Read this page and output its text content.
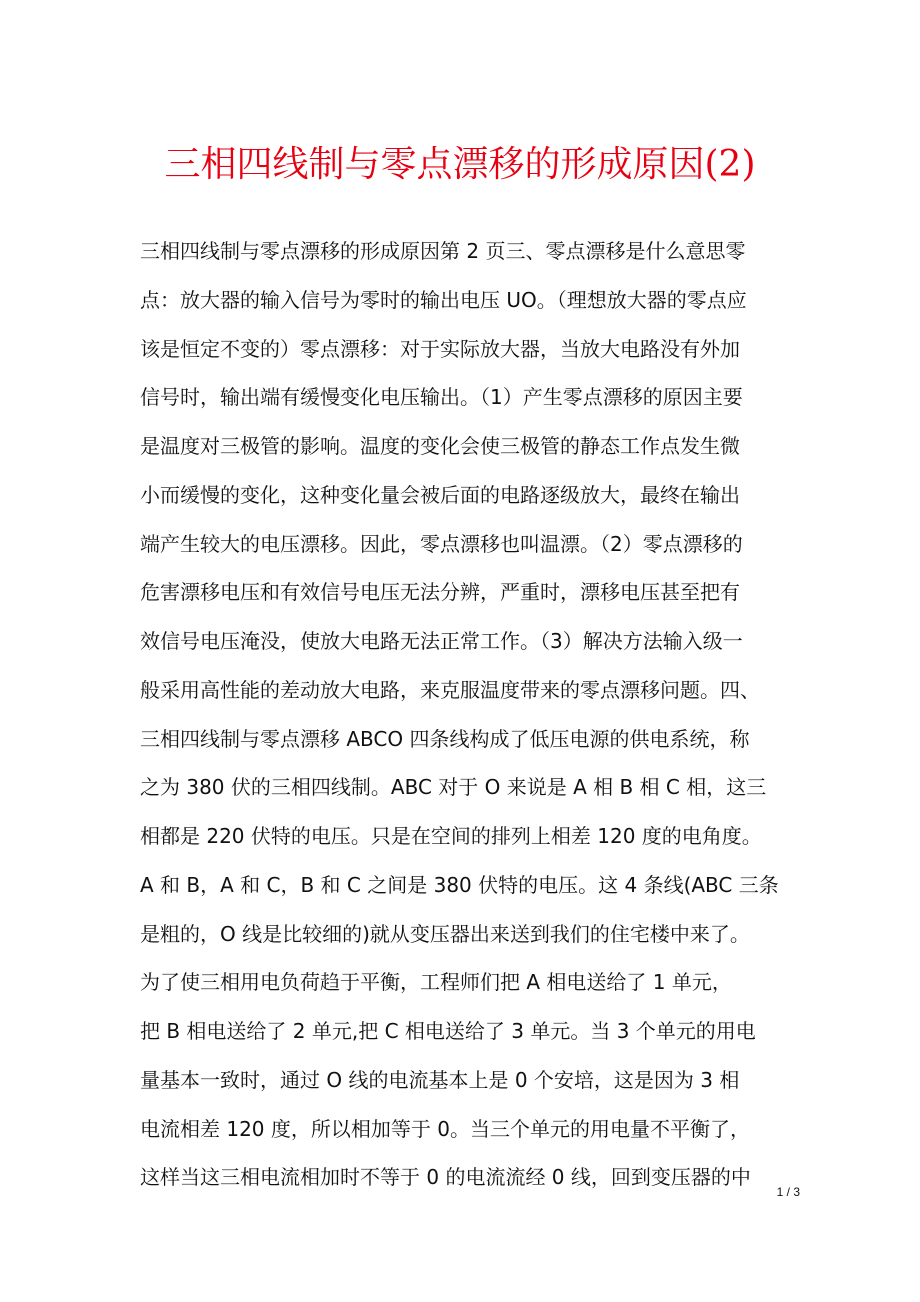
三相四线制与零点漂移的形成原因(2)
三相四线制与零点漂移的形成原因第 2 页三、零点漂移是什么意思零
点：放大器的输入信号为零时的输出电压 UO。（理想放大器的零点应
该是恒定不变的）零点漂移：对于实际放大器，当放大电路没有外加
信号时，输出端有缓慢变化电压输出。（1）产生零点漂移的原因主要
是温度对三极管的影响。温度的变化会使三极管的静态工作点发生微
小而缓慢的变化，这种变化量会被后面的电路逐级放大，最终在输出
端产生较大的电压漂移。因此，零点漂移也叫温漂。（2）零点漂移的
危害漂移电压和有效信号电压无法分辨，严重时，漂移电压甚至把有
效信号电压淹没，使放大电路无法正常工作。（3）解决方法输入级一
般采用高性能的差动放大电路，来克服温度带来的零点漂移问题。四、
三相四线制与零点漂移 ABCO 四条线构成了低压电源的供电系统，称
之为 380 伏的三相四线制。ABC 对于 O 来说是 A 相 B 相 C 相，这三
相都是 220 伏特的电压。只是在空间的排列上相差 120 度的电角度。
A 和 B，A 和 C，B 和 C 之间是 380 伏特的电压。这 4 条线(ABC 三条
是粗的，O 线是比较细的)就从变压器出来送到我们的住宅楼中来了。
为了使三相用电负荷趋于平衡，工程师们把 A 相电送给了 1 单元，
把 B 相电送给了 2 单元,把 C 相电送给了 3 单元。当 3 个单元的用电
量基本一致时，通过 O 线的电流基本上是 0 个安培，这是因为 3 相
电流相差 120 度，所以相加等于 0。当三个单元的用电量不平衡了，
这样当这三相电流相加时不等于 0 的电流流经 0 线，回到变压器的中
1 / 3
